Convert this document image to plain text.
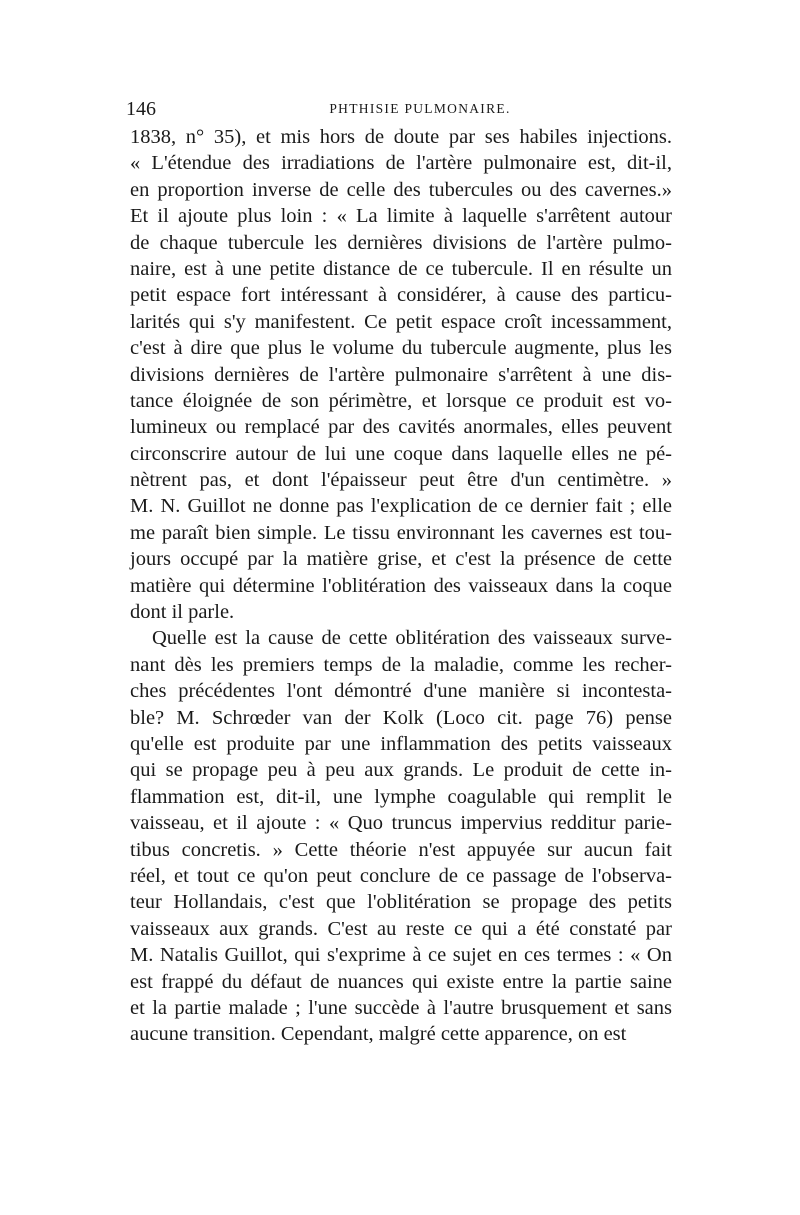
146	PHTHISIE PULMONAIRE.
1838, n° 35), et mis hors de doute par ses habiles injections.
« L'étendue des irradiations de l'artère pulmonaire est, dit-il,
en proportion inverse de celle des tubercules ou des cavernes.»
Et il ajoute plus loin : « La limite à laquelle s'arrêtent autour
de chaque tubercule les dernières divisions de l'artère pulmo-
naire, est à une petite distance de ce tubercule. Il en résulte un
petit espace fort intéressant à considérer, à cause des particu-
larités qui s'y manifestent. Ce petit espace croît incessamment,
c'est à dire que plus le volume du tubercule augmente, plus les
divisions dernières de l'artère pulmonaire s'arrêtent à une dis-
tance éloignée de son périmètre, et lorsque ce produit est vo-
lumineux ou remplacé par des cavités anormales, elles peuvent
circonscrire autour de lui une coque dans laquelle elles ne pé-
nètrent pas, et dont l'épaisseur peut être d'un centimètre. »
M. N. Guillot ne donne pas l'explication de ce dernier fait ; elle
me paraît bien simple. Le tissu environnant les cavernes est tou-
jours occupé par la matière grise, et c'est la présence de cette
matière qui détermine l'oblitération des vaisseaux dans la coque
dont il parle.
Quelle est la cause de cette oblitération des vaisseaux surve-
nant dès les premiers temps de la maladie, comme les recher-
ches précédentes l'ont démontré d'une manière si incontesta-
ble? M. Schrœder van der Kolk (Loco cit. page 76) pense
qu'elle est produite par une inflammation des petits vaisseaux
qui se propage peu à peu aux grands. Le produit de cette in-
flammation est, dit-il, une lymphe coagulable qui remplit le
vaisseau, et il ajoute : « Quo truncus impervius redditur parie-
tibus concretis. » Cette théorie n'est appuyée sur aucun fait
réel, et tout ce qu'on peut conclure de ce passage de l'observa-
teur Hollandais, c'est que l'oblitération se propage des petits
vaisseaux aux grands. C'est au reste ce qui a été constaté par
M. Natalis Guillot, qui s'exprime à ce sujet en ces termes : « On
est frappé du défaut de nuances qui existe entre la partie saine
et la partie malade ; l'une succède à l'autre brusquement et sans
aucune transition. Cependant, malgré cette apparence, on est
